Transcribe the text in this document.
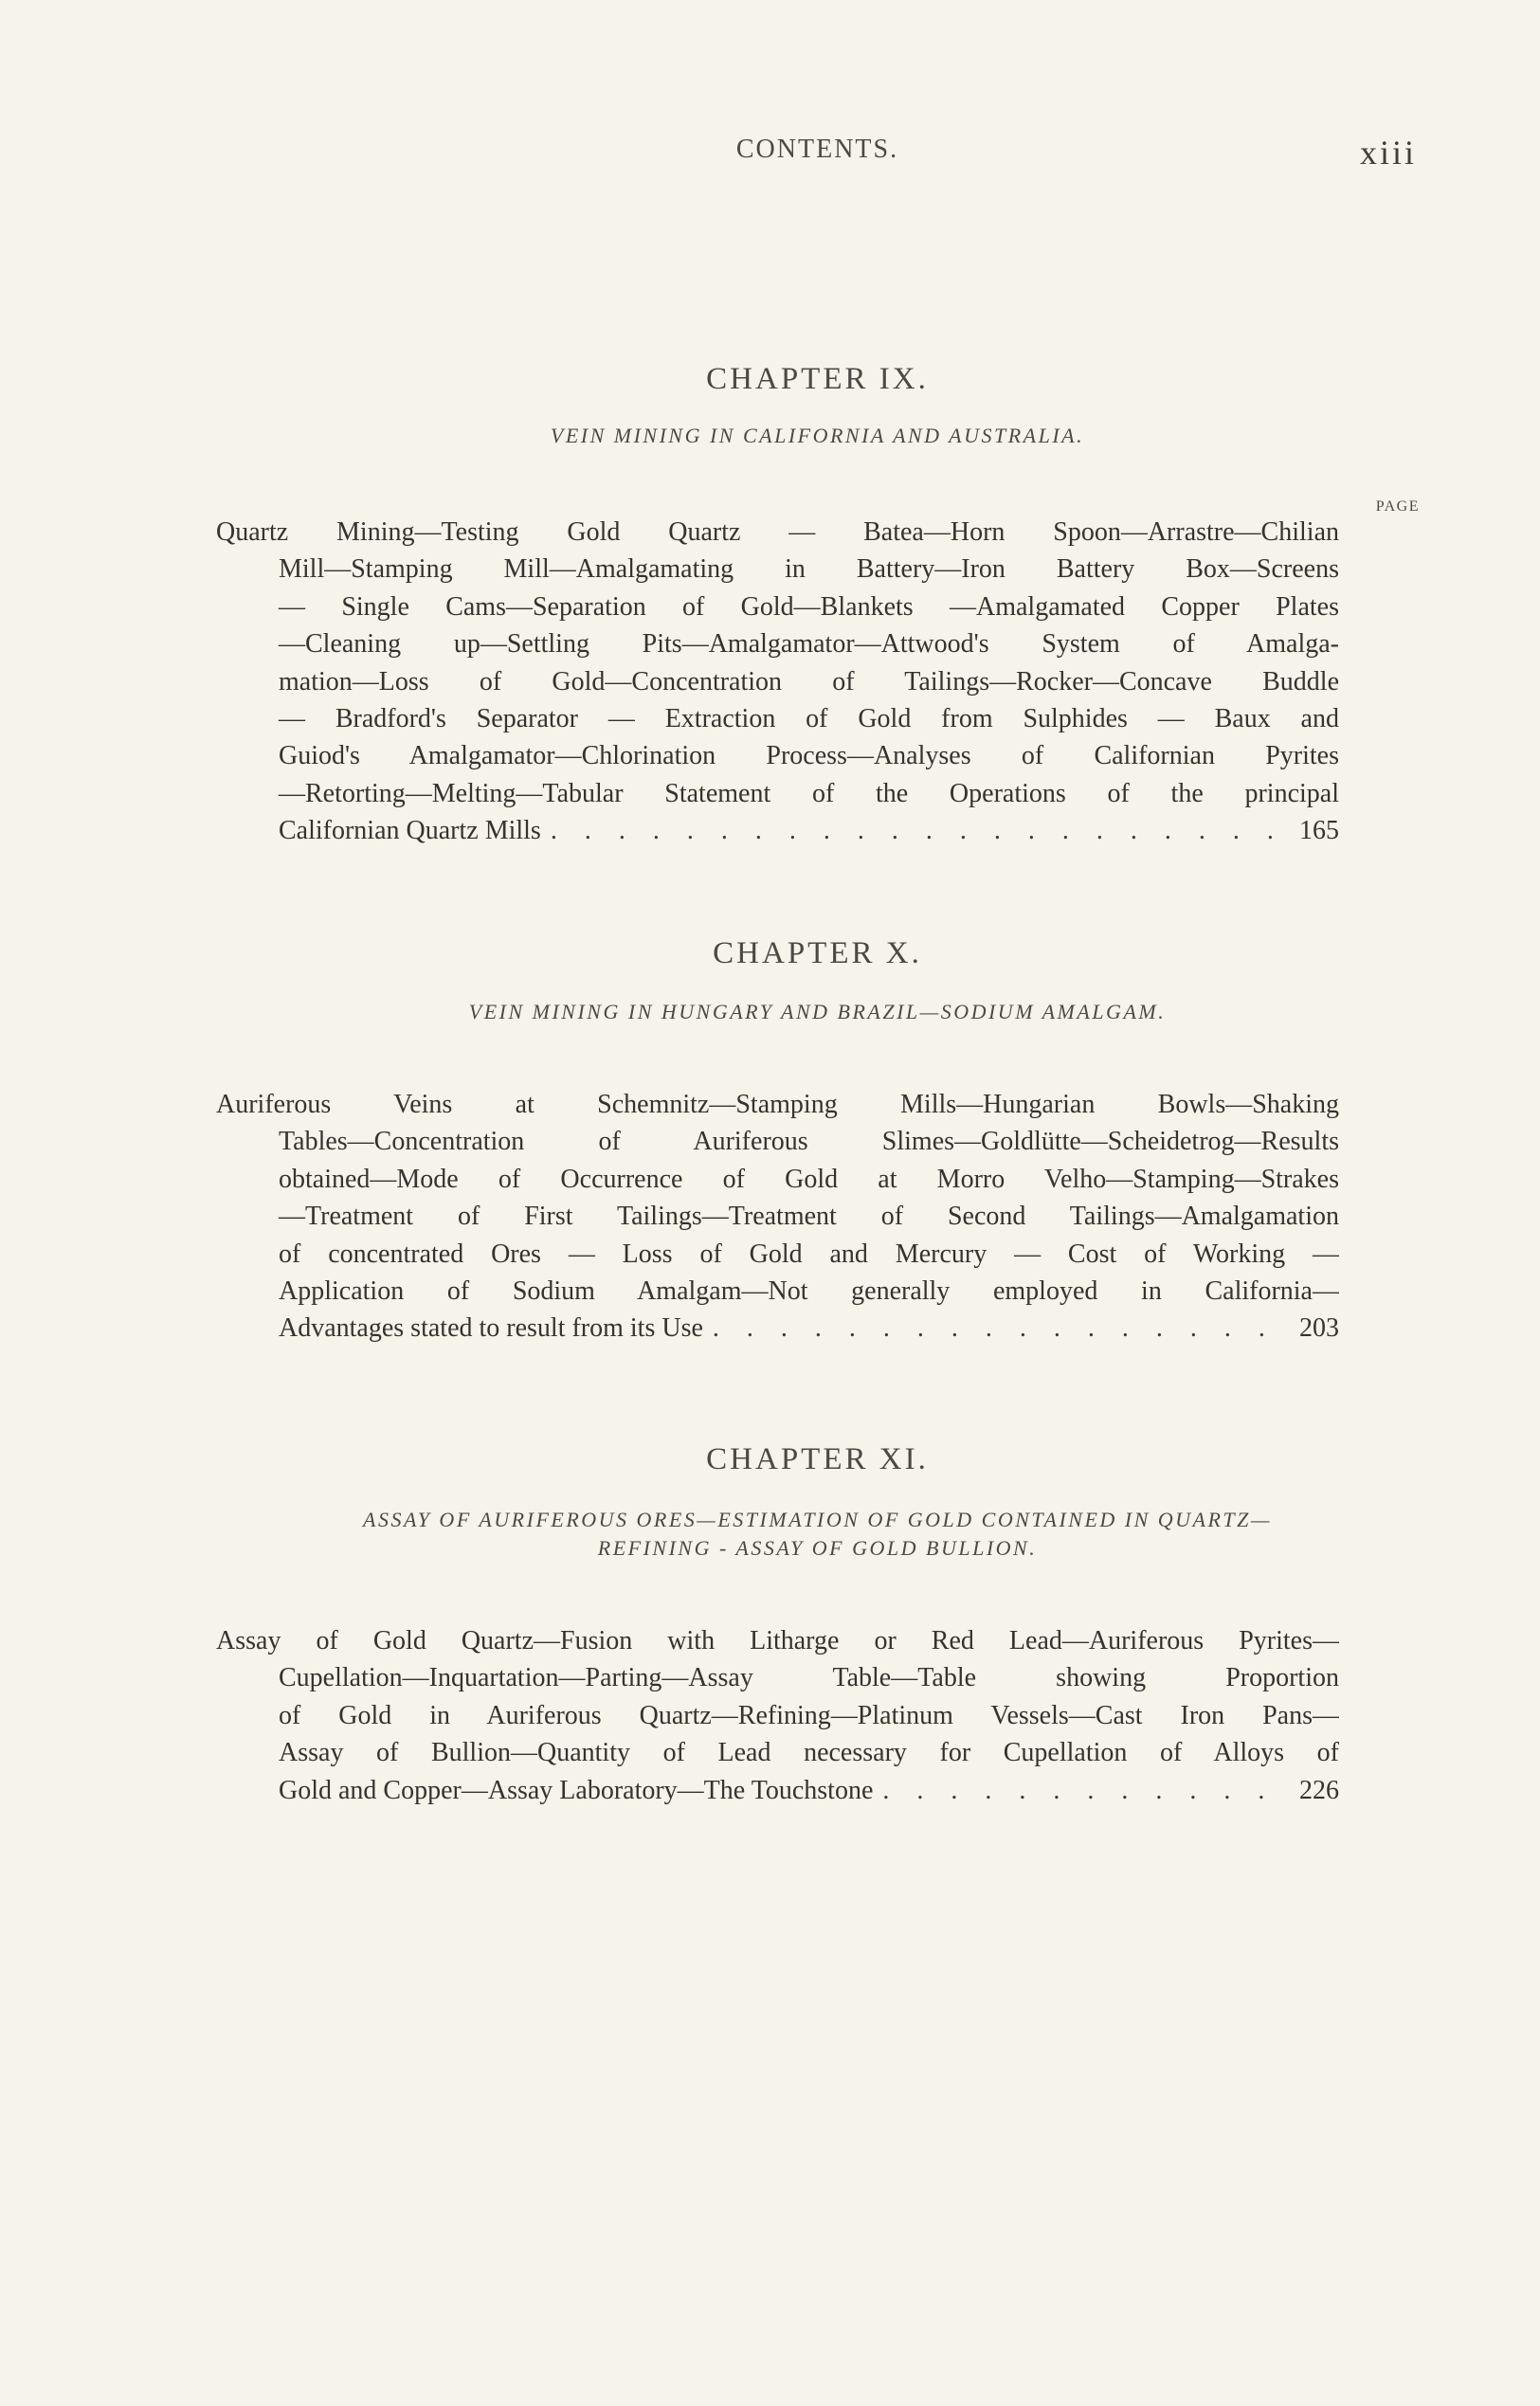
CONTENTS.	xiii
CHAPTER IX.
VEIN MINING IN CALIFORNIA AND AUSTRALIA.
PAGE
Quartz Mining—Testing Gold Quartz — Batea—Horn Spoon—Arrastre—Chilian
Mill—Stamping Mill—Amalgamating in Battery—Iron Battery Box—Screens
— Single Cams—Separation of Gold—Blankets —Amalgamated Copper Plates
—Cleaning up—Settling Pits—Amalgamator—Attwood's System of Amalga-
mation—Loss of Gold—Concentration of Tailings—Rocker—Concave Buddle
— Bradford's Separator — Extraction of Gold from Sulphides — Baux and
Guiod's Amalgamator—Chlorination Process—Analyses of Californian Pyrites
—Retorting—Melting—Tabular Statement of the Operations of the principal
Californian Quartz Mills . . .	165
CHAPTER X.
VEIN MINING IN HUNGARY AND BRAZIL—SODIUM AMALGAM.
Auriferous Veins at Schemnitz—Stamping Mills—Hungarian Bowls—Shaking
Tables—Concentration of Auriferous Slimes—Goldlütte—Scheidetrog—Results
obtained—Mode of Occurrence of Gold at Morro Velho—Stamping—Strakes
—Treatment of First Tailings—Treatment of Second Tailings—Amalgamation
of concentrated Ores — Loss of Gold and Mercury — Cost of Working —
Application of Sodium Amalgam—Not generally employed in California—
Advantages stated to result from its Use . . .	203
CHAPTER XI.
ASSAY OF AURIFEROUS ORES—ESTIMATION OF GOLD CONTAINED IN QUARTZ—
REFINING - ASSAY OF GOLD BULLION.
Assay of Gold Quartz—Fusion with Litharge or Red Lead—Auriferous Pyrites—
Cupellation—Inquartation—Parting—Assay Table—Table showing Proportion
of Gold in Auriferous Quartz—Refining—Platinum Vessels—Cast Iron Pans—
Assay of Bullion—Quantity of Lead necessary for Cupellation of Alloys of
Gold and Copper—Assay Laboratory—The Touchstone . . .	226
